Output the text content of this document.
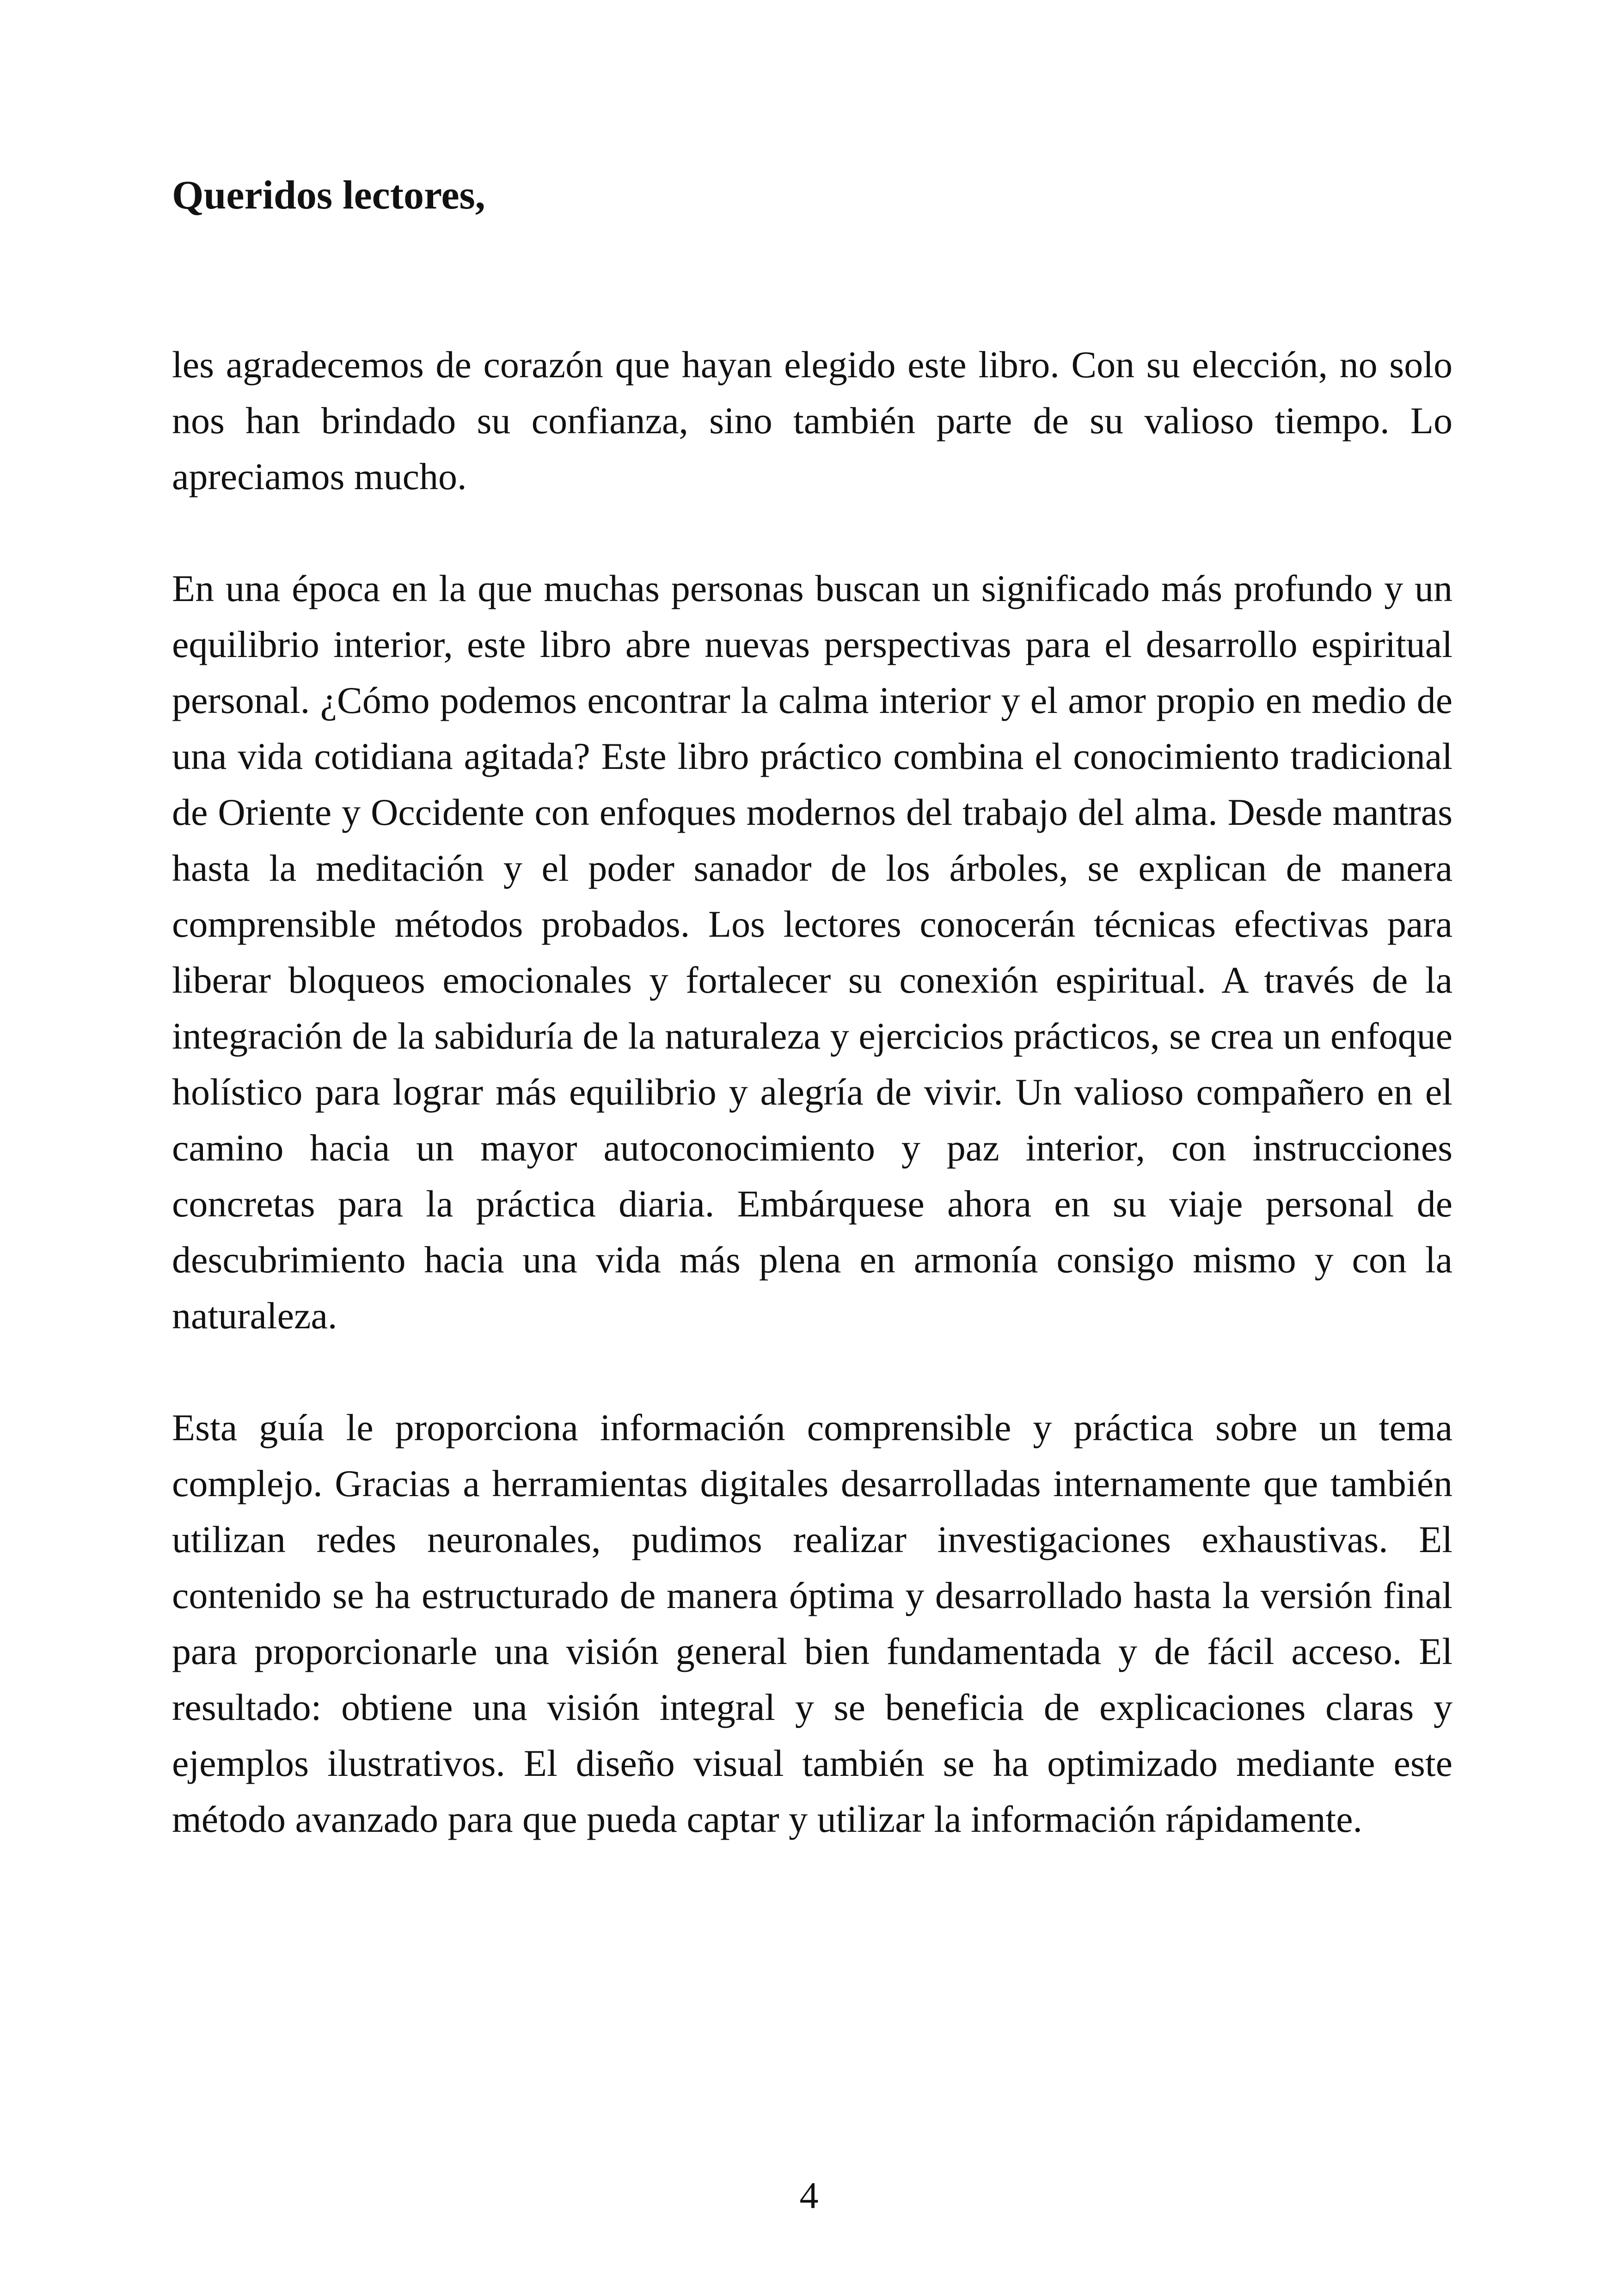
Queridos lectores,

les agradecemos de corazón que hayan elegido este libro. Con su elección, no solo nos han brindado su confianza, sino también parte de su valioso tiempo. Lo apreciamos mucho.

En una época en la que muchas personas buscan un significado más profundo y un equilibrio interior, este libro abre nuevas perspectivas para el desarrollo espiritual personal. ¿Cómo podemos encontrar la calma interior y el amor propio en medio de una vida cotidiana agitada? Este libro práctico combina el conocimiento tradicional de Oriente y Occidente con enfoques modernos del trabajo del alma. Desde mantras hasta la meditación y el poder sanador de los árboles, se explican de manera comprensible métodos probados. Los lectores conocerán técnicas efectivas para liberar bloqueos emocionales y fortalecer su conexión espiritual. A través de la integración de la sabiduría de la naturaleza y ejercicios prácticos, se crea un enfoque holístico para lograr más equilibrio y alegría de vivir. Un valioso compañero en el camino hacia un mayor autoconocimiento y paz interior, con instrucciones concretas para la práctica diaria. Embárquese ahora en su viaje personal de descubrimiento hacia una vida más plena en armonía consigo mismo y con la naturaleza.

Esta guía le proporciona información comprensible y práctica sobre un tema complejo. Gracias a herramientas digitales desarrolladas internamente que también utilizan redes neuronales, pudimos realizar investigaciones exhaustivas. El contenido se ha estructurado de manera óptima y desarrollado hasta la versión final para proporcionarle una visión general bien fundamentada y de fácil acceso. El resultado: obtiene una visión integral y se beneficia de explicaciones claras y ejemplos ilustrativos. El diseño visual también se ha optimizado mediante este método avanzado para que pueda captar y utilizar la información rápidamente.

4
